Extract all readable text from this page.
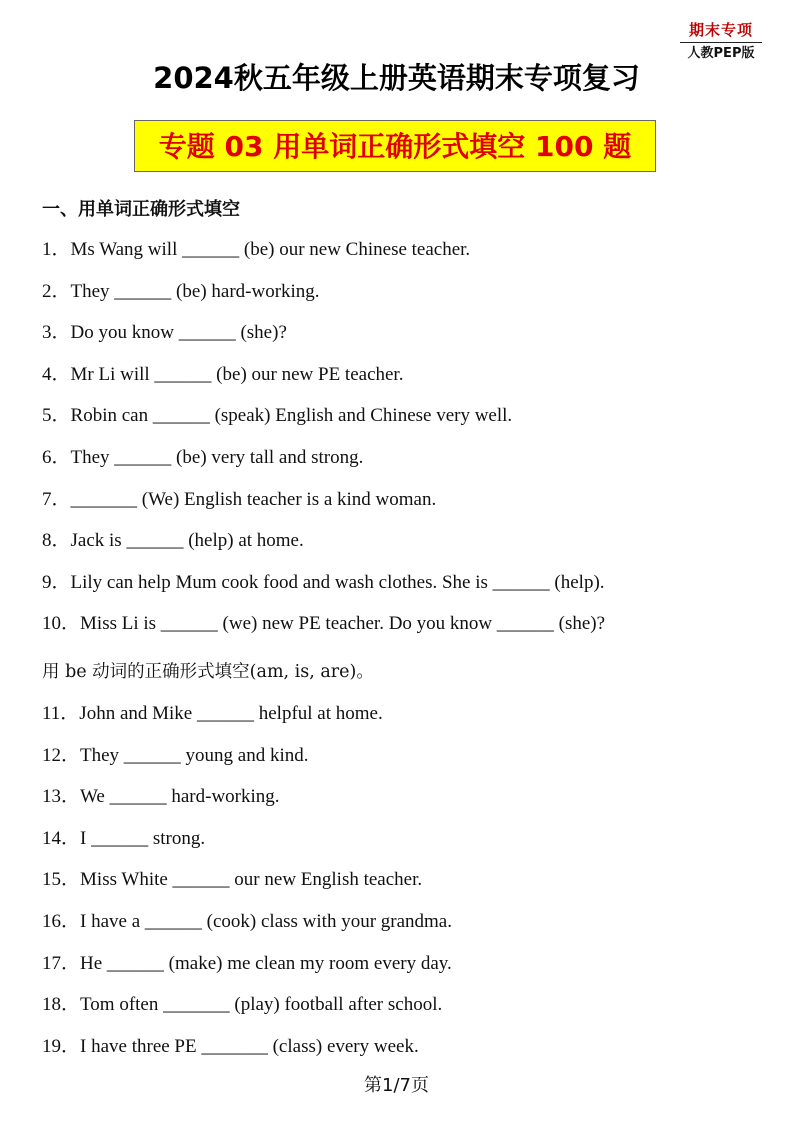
期末专项
人教PEP版
2024秋五年级上册英语期末专项复习
专题 03 用单词正确形式填空 100 题
一、用单词正确形式填空
1．Ms Wang will ______ (be) our new Chinese teacher.
2．They ______ (be) hard-working.
3．Do you know ______ (she)?
4．Mr Li will ______ (be) our new PE teacher.
5．Robin can ______ (speak) English and Chinese very well.
6．They ______ (be) very tall and strong.
7．_______ (We) English teacher is a kind woman.
8．Jack is ______ (help) at home.
9．Lily can help Mum cook food and wash clothes. She is ______ (help).
10．Miss Li is ______ (we) new PE teacher. Do you know ______ (she)?
用 be 动词的正确形式填空(am, is, are)。
11．John and Mike ______ helpful at home.
12．They ______ young and kind.
13．We ______ hard-working.
14．I ______ strong.
15．Miss White ______ our new English teacher.
16．I have a ______ (cook) class with your grandma.
17．He ______ (make) me clean my room every day.
18．Tom often _______ (play) football after school.
19．I have three PE _______ (class) every week.
第1/7页
